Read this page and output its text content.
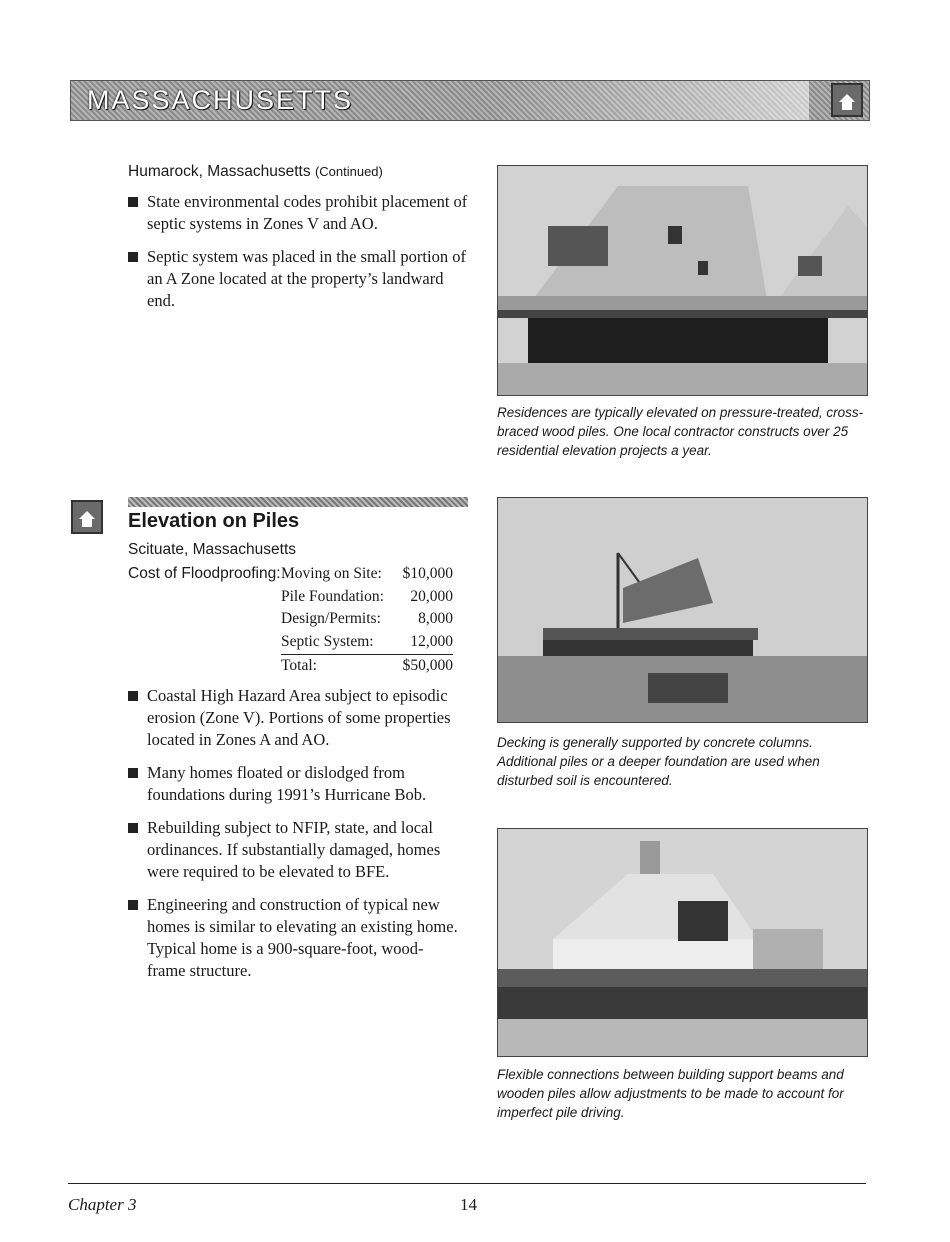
MASSACHUSETTS
Humarock, Massachusetts (Continued)
State environmental codes prohibit placement of septic systems in Zones V and AO.
Septic system was placed in the small portion of an A Zone located at the property’s landward end.
Residences are typically elevated on pressure-treated, cross-braced wood piles. One local contractor constructs over 25 residential elevation projects a year.
Elevation on Piles
Scituate, Massachusetts
Cost of Floodproofing: Moving on Site: $10,000
Pile Foundation: 20,000
Design/Permits: 8,000
Septic System: 12,000
Total:	$50,000
Coastal High Hazard Area subject to episodic erosion (Zone V). Portions of some properties located in Zones A and AO.
Many homes floated or dislodged from foundations during 1991’s Hurricane Bob.
Rebuilding subject to NFIP, state, and local ordinances. If substantially damaged, homes were required to be elevated to BFE.
Engineering and construction of typical new homes is similar to elevating an existing home. Typical home is a 900-square-foot, wood-frame structure.
Decking is generally supported by concrete columns. Additional piles or a deeper foundation are used when disturbed soil is encountered.
Flexible connections between building support beams and wooden piles allow adjustments to be made to account for imperfect pile driving.
Chapter 3	14
